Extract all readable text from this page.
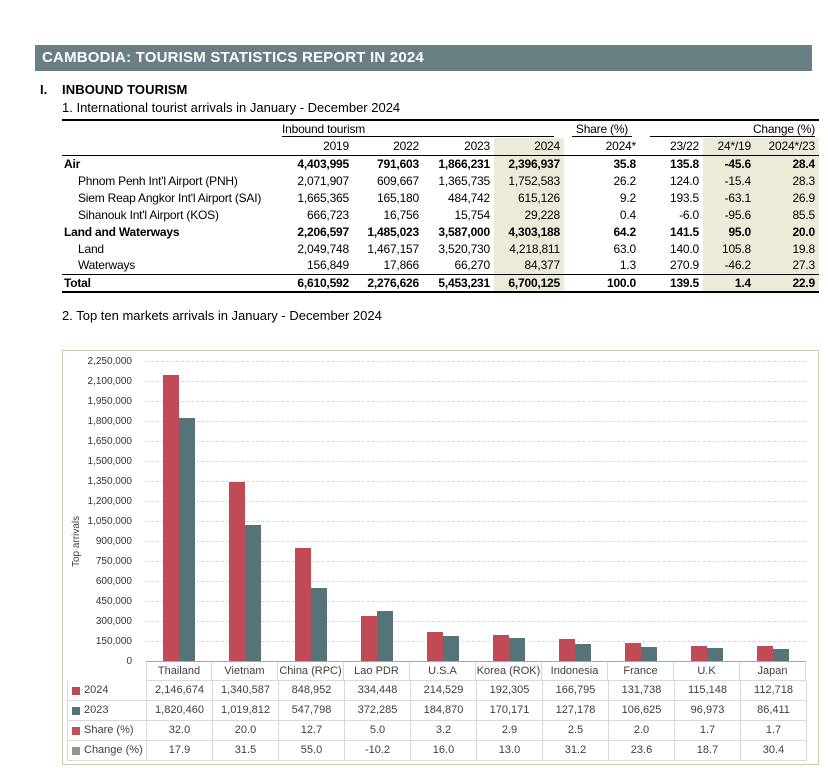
CAMBODIA: TOURISM STATISTICS REPORT IN 2024
I. INBOUND TOURISM
1. International tourist arrivals in January - December 2024

	Inbound tourism				Share (%)	Change (%)		

	2019	2022	2023	2024	2024*	23/22	24*/19	2024*/23
Air	4,403,995	791,603	1,866,231	2,396,937	35.8	135.8	-45.6	28.4
Phnom Penh Int'l Airport (PNH)	2,071,907	609,667	1,365,735	1,752,583	26.2	124.0	-15.4	28.3
Siem Reap Angkor Int'l Airport (SAI)	1,665,365	165,180	484,742	615,126	9.2	193.5	-63.1	26.9
Sihanouk Int'l Airport (KOS)	666,723	16,756	15,754	29,228	0.4	-6.0	-95.6	85.5
Land and Waterways	2,206,597	1,485,023	3,587,000	4,303,188	64.2	141.5	95.0	20.0
Land	2,049,748	1,467,157	3,520,730	4,218,811	63.0	140.0	105.8	19.8
Waterways	156,849	17,866	66,270	84,377	1.3	270.9	-46.2	27.3
Total	6,610,592	2,276,626	5,453,231	6,700,125	100.0	139.5	1.4	22.9
2. Top ten markets arrivals in January - December 2024
Top arrivals
0
150,000
300,000
450,000
600,000
750,000
900,000
1,050,000
1,200,000
1,350,000
1,500,000
1,650,000
1,800,000
1,950,000
2,100,000
2,250,000
Thailand	Vietnam	China (RPC)	Lao PDR	U.S.A	Korea (ROK) Indonesia	France	U.K	Japan
2024	2,146,674	1,340,587	848,952	334,448	214,529	192,305	166,795	131,738	115,148	112,718
2023	1,820,460	1,019,812	547,798	372,285	184,870	170,171	127,178	106,625	96,973	86,411
Share (%)	32.0	20.0	12.7	5.0	3.2	2.9	2.5	2.0	1.7	1.7
Change (%)	17.9	31.5	55.0	-10.2	16.0	13.0	31.2	23.6	18.7	30.4
